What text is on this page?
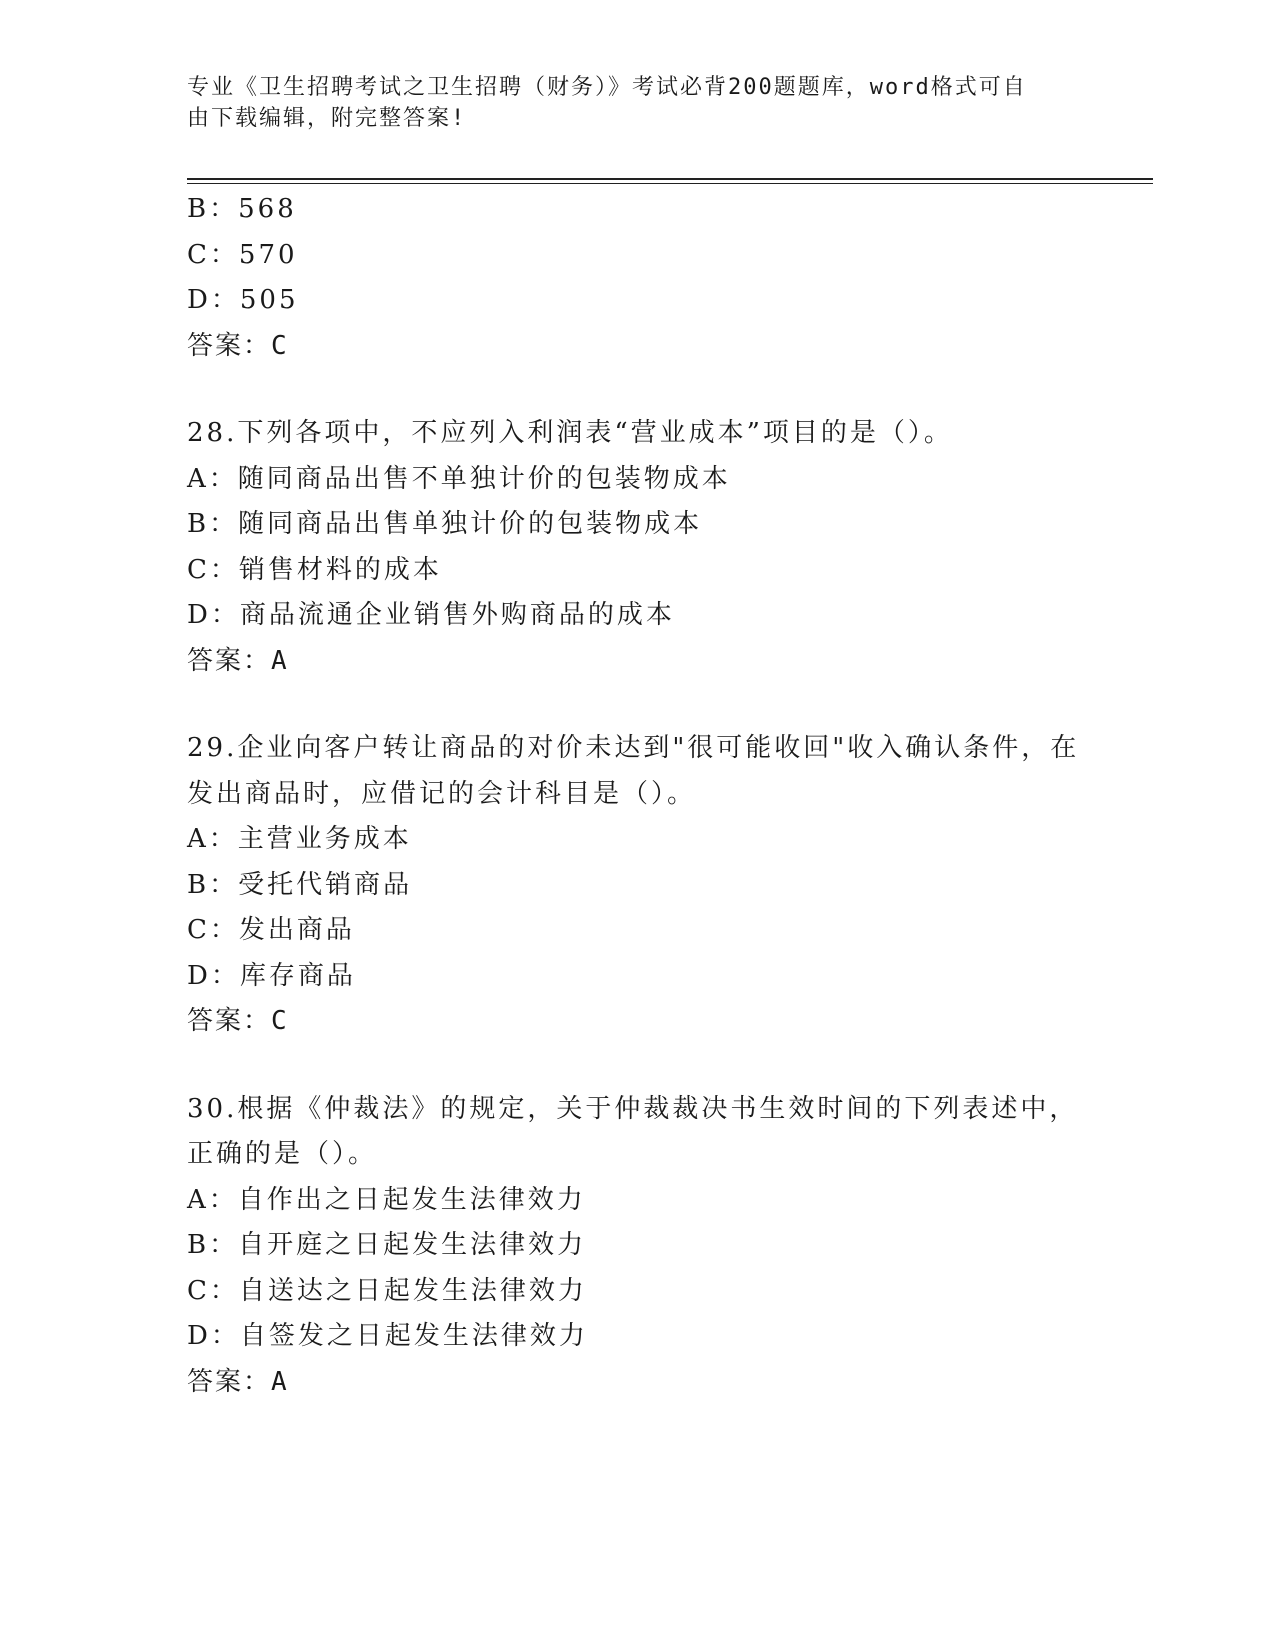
专业《卫生招聘考试之卫生招聘（财务）》考试必背200题题库，word格式可自
由下载编辑，附完整答案!
B：568
C：570
D：505
答案：C
28.下列各项中，不应列入利润表“营业成本”项目的是（）。
A：随同商品出售不单独计价的包装物成本
B：随同商品出售单独计价的包装物成本
C：销售材料的成本
D：商品流通企业销售外购商品的成本
答案：A
29.企业向客户转让商品的对价未达到"很可能收回"收入确认条件，在
发出商品时，应借记的会计科目是（）。
A：主营业务成本
B：受托代销商品
C：发出商品
D：库存商品
答案：C
30.根据《仲裁法》的规定，关于仲裁裁决书生效时间的下列表述中，
正确的是（）。
A：自作出之日起发生法律效力
B：自开庭之日起发生法律效力
C：自送达之日起发生法律效力
D：自签发之日起发生法律效力
答案：A
